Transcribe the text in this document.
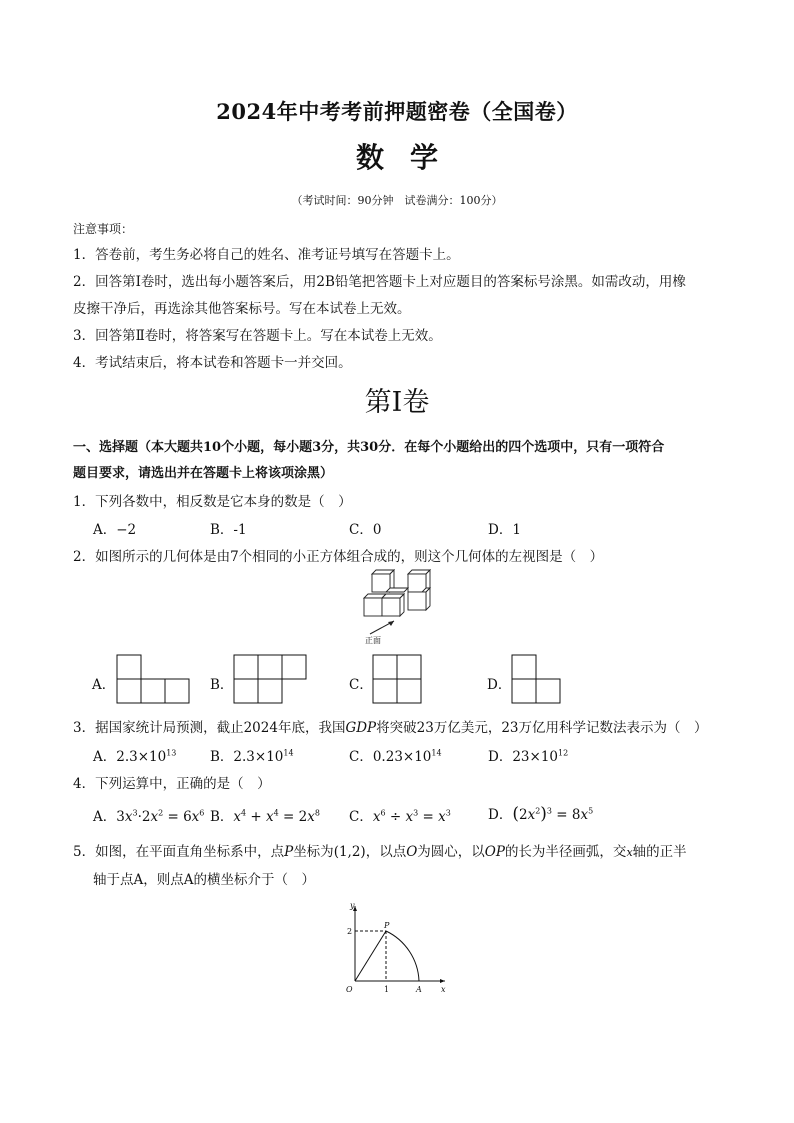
2024年中考考前押题密卷（全国卷）
数学
（考试时间：90分钟　试卷满分：100分）
注意事项：
1．答卷前，考生务必将自己的姓名、准考证号填写在答题卡上。
2．回答第Ⅰ卷时，选出每小题答案后，用2B铅笔把答题卡上对应题目的答案标号涂黑。如需改动，用橡
皮擦干净后，再选涂其他答案标号。写在本试卷上无效。
3．回答第Ⅱ卷时，将答案写在答题卡上。写在本试卷上无效。
4．考试结束后，将本试卷和答题卡一并交回。
第Ⅰ卷
一、选择题（本大题共10个小题，每小题3分，共30分．在每个小题给出的四个选项中，只有一项符合
题目要求，请选出并在答题卡上将该项涂黑）
1．下列各数中，相反数是它本身的数是（　）
A．−2	B．-1	C．0	D．1
2．如图所示的几何体是由7个相同的小正方体组合成的，则这个几何体的左视图是（　）
正面
A．	B．	C．	D．
3．据国家统计局预测，截止2024年底，我国GDP将突破23万亿美元，23万亿用科学记数法表示为（　）
A．$2.3\times 10^{13}$ B．$2.3\times 10^{14}$	C．$0.23\times 10^{14}$	D．$23\times 10^{12}$
4．下列运算中，正确的是（　）
A．$3x^3\cdot 2x^2 = 6x^6$ B．$x^4 + x^4 = 2x^8$ C．$x^6 \div x^3 = x^3$	D．$(2x^2)^3 = 8x^5$
5．如图，在平面直角坐标系中，点P坐标为(1,2)，以点O为圆心，以OP的长为半径画弧，交x轴的正半
轴于点A，则点A的横坐标介于（　）
y
x
O
P
A
1
2
